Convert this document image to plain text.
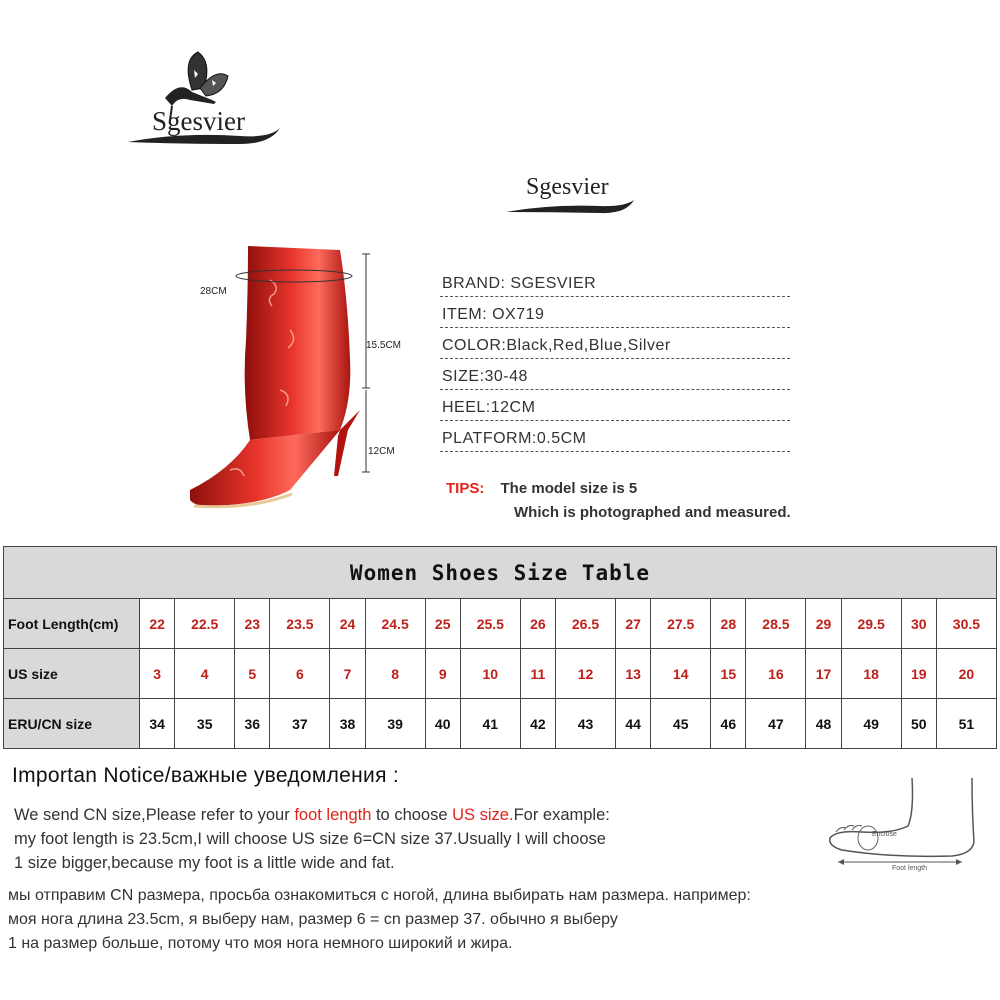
Sgesvier
Sgesvier
28CM
15.5CM
12CM
BRAND: SGESVIER
ITEM: OX719
COLOR:Black,Red,Blue,Silver
SIZE:30-48
HEEL:12CM
PLATFORM:0.5CM
TIPS: The model size is 5
Which is photographed and measured.
Women Shoes Size Table																		
Foot Length(cm)	22	22.5	23	23.5	24	24.5	25	25.5	26	26.5	27	27.5	28	28.5	29	29.5	30	30.5
US size	3	4	5	6	7	8	9	10	11	12	13	14	15	16	17	18	19	20
ERU/CN size	34	35	36	37	38	39	40	41	42	43	44	45	46	47	48	49	50	51
Importan Notice/важные уведомления :
We send CN size,Please refer to your foot length to choose US size.For example:
my foot length is 23.5cm,I will choose US size 6=CN size 37.Usually I will choose
1 size bigger,because my foot is a little wide and fat.
мы отправим CN размера, просьба ознакомиться с ногой, длина выбирать нам размера. например:
моя нога длина 23.5cm, я выберу нам, размер 6 = cn размер 37. обычно я выберу
1 на размер больше, потому что моя нога немного широкий и жира.
Enclose
Foot length
